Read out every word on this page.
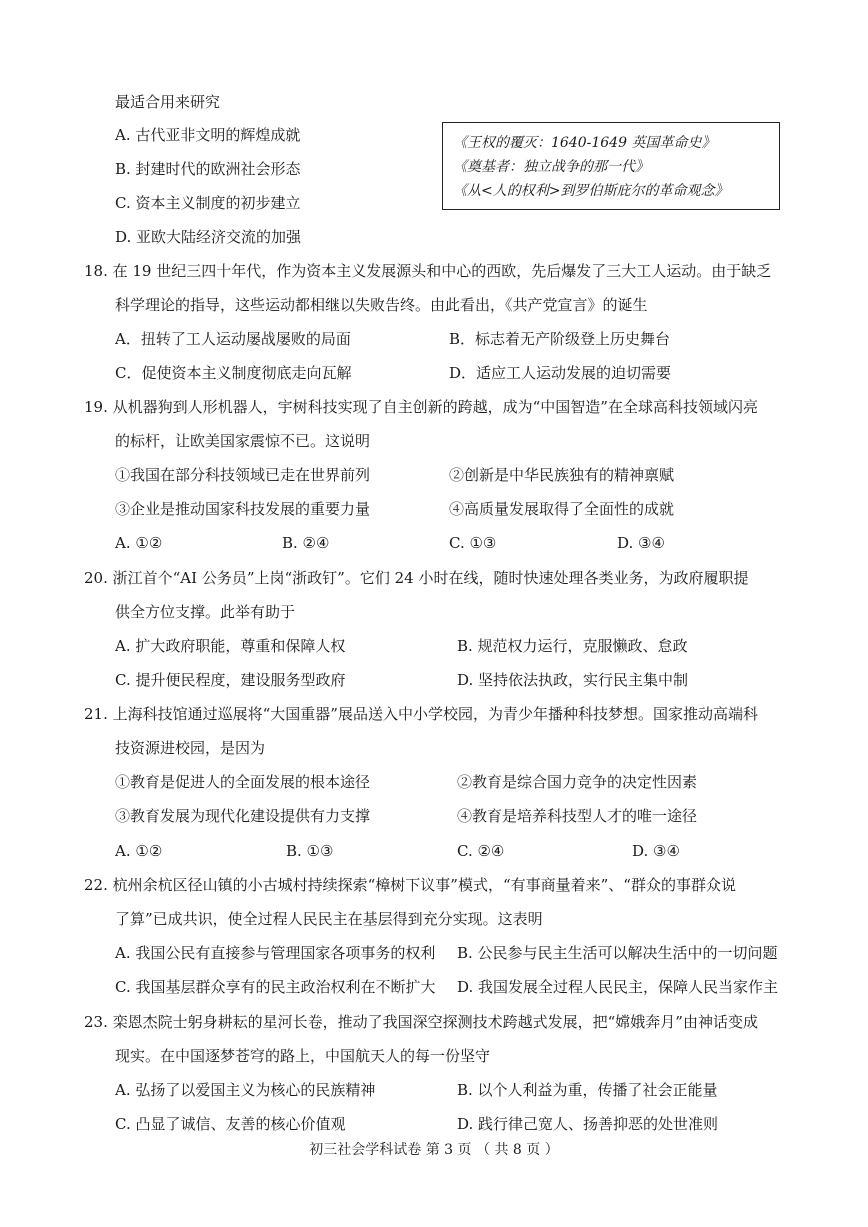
最适合用来研究
A. 古代亚非文明的辉煌成就
B. 封建时代的欧洲社会形态
C. 资本主义制度的初步建立
D. 亚欧大陆经济交流的加强
《王权的覆灭：1640-1649 英国革命史》
《奠基者：独立战争的那一代》
《从<人的权利>到罗伯斯庇尔的革命观念》
18. 在 19 世纪三四十年代，作为资本主义发展源头和中心的西欧，先后爆发了三大工人运动。由于缺乏
科学理论的指导，这些运动都相继以失败告终。由此看出，《共产党宣言》的诞生
A．扭转了工人运动屡战屡败的局面	B．标志着无产阶级登上历史舞台
C．促使资本主义制度彻底走向瓦解	D．适应工人运动发展的迫切需要
19. 从机器狗到人形机器人，宇树科技实现了自主创新的跨越，成为“中国智造”在全球高科技领域闪亮
的标杆，让欧美国家震惊不已。这说明
①我国在部分科技领域已走在世界前列	②创新是中华民族独有的精神禀赋
③企业是推动国家科技发展的重要力量	④高质量发展取得了全面性的成就
A. ①②	B. ②④	C. ①③	D. ③④
20. 浙江首个“AI 公务员”上岗“浙政钉”。它们 24 小时在线，随时快速处理各类业务，为政府履职提
供全方位支撑。此举有助于
A. 扩大政府职能，尊重和保障人权	B. 规范权力运行，克服懒政、怠政
C. 提升便民程度，建设服务型政府	D. 坚持依法执政，实行民主集中制
21. 上海科技馆通过巡展将“大国重器”展品送入中小学校园，为青少年播种科技梦想。国家推动高端科
技资源进校园，是因为
①教育是促进人的全面发展的根本途径	②教育是综合国力竞争的决定性因素
③教育发展为现代化建设提供有力支撑	④教育是培养科技型人才的唯一途径
A. ①②	B. ①③	C. ②④	D. ③④
22. 杭州余杭区径山镇的小古城村持续探索“樟树下议事”模式，“有事商量着来”、“群众的事群众说
了算”已成共识，使全过程人民民主在基层得到充分实现。这表明
A. 我国公民有直接参与管理国家各项事务的权利 B. 公民参与民主生活可以解决生活中的一切问题
C. 我国基层群众享有的民主政治权利在不断扩大 D. 我国发展全过程人民民主，保障人民当家作主
23. 栾恩杰院士躬身耕耘的星河长卷，推动了我国深空探测技术跨越式发展，把“嫦娥奔月”由神话变成
现实。在中国逐梦苍穹的路上，中国航天人的每一份坚守
A. 弘扬了以爱国主义为核心的民族精神	B. 以个人利益为重，传播了社会正能量
C. 凸显了诚信、友善的核心价值观	D. 践行律己宽人、扬善抑恶的处世准则
初三社会学科试卷 第 3 页 （ 共 8 页 ）
